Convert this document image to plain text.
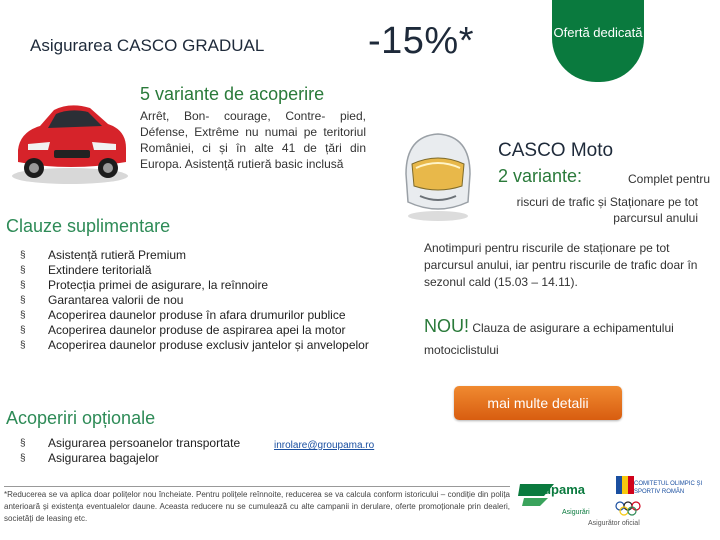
Asigurarea CASCO GRADUAL	-15%*	Ofertă dedicată
5 variante de acoperire
Arrêt, Bon- courage, Contre- pied, Défense, Extrême nu numai pe teritoriul României, ci și în alte 41 de țări din Europa. Asistență rutieră basic inclusă
Clauze suplimentare
§ Asistență rutieră Premium
§ Extindere teritorială
§ Protecția primei de asigurare, la reînnoire
§ Garantarea valorii de nou
§ Acoperirea daunelor produse în afara drumurilor publice
§ Acoperirea daunelor produse de aspirarea apei la motor
§ Acoperirea daunelor produse exclusiv jantelor și anvelopelor
Acoperiri opționale
§ Asigurarea persoanelor transportate
§ Asigurarea bagajelor
inrolare@groupama.ro
CASCO Moto
2 variante:	Complet pentru
riscuri de trafic și Staționare pe tot parcursul anului
Anotimpuri pentru riscurile de staționare pe tot parcursul anului, iar pentru riscurile de trafic doar în sezonul cald (15.03 – 14.11).
NOU! Clauza de asigurare a echipamentului motociclistului
mai multe detalii
*Reducerea se va aplica doar polițelor nou încheiate. Pentru polițele reînnoite, reducerea se va calcula conform istoricului – condiție din polița anterioară și existența eventualelor daune. Aceasta reducere nu se cumulează cu alte campanii in derulare, oferte promoționale prin dealeri, societăți de leasing etc.
Groupama
Asigurări
COMITETUL OLIMPIC ȘI SPORTIV ROMÂN
Asigurător oficial
